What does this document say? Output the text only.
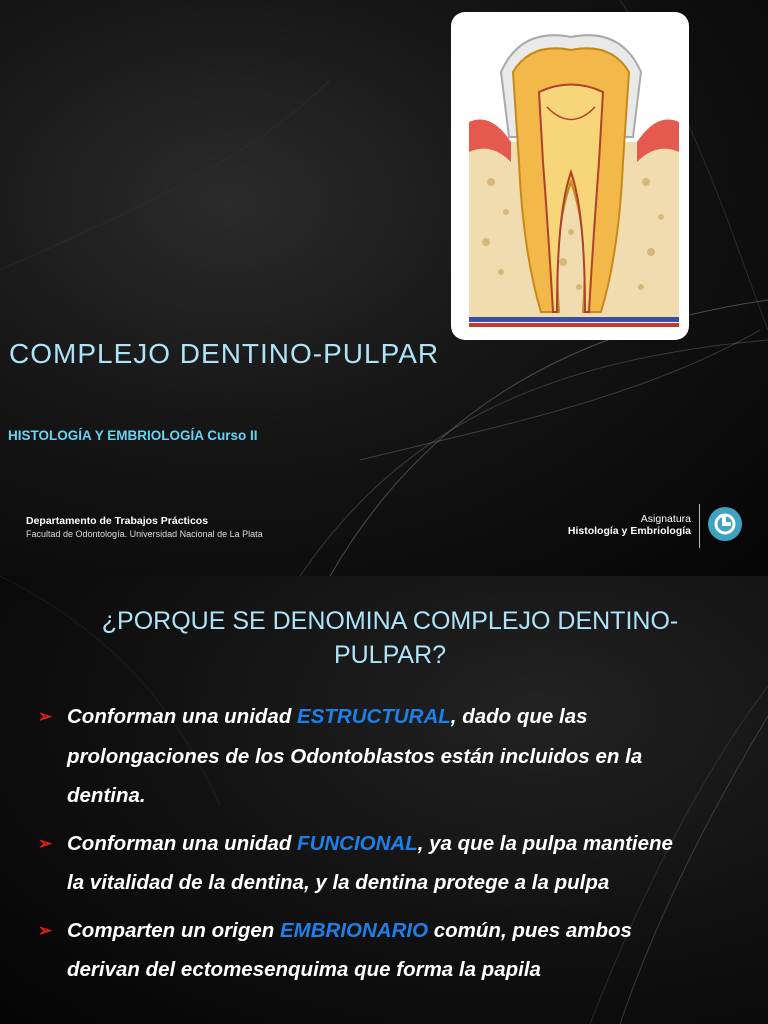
COMPLEJO DENTINO-PULPAR
HISTOLOGÍA Y EMBRIOLOGÍA Curso II
Departamento de Trabajos Prácticos
Facultad de Odontología. Universidad Nacional de La Plata
Asignatura
Histología y Embriología
¿PORQUE SE DENOMINA COMPLEJO DENTINO-
PULPAR?
➢ Conforman una unidad ESTRUCTURAL, dado que las prolongaciones de los Odontoblastos están incluidos en la dentina.
➢ Conforman una unidad FUNCIONAL, ya que la pulpa mantiene la vitalidad de la dentina, y la dentina protege a la pulpa
➢ Comparten un origen EMBRIONARIO común, pues ambos derivan del ectomesenquima que forma la papila
